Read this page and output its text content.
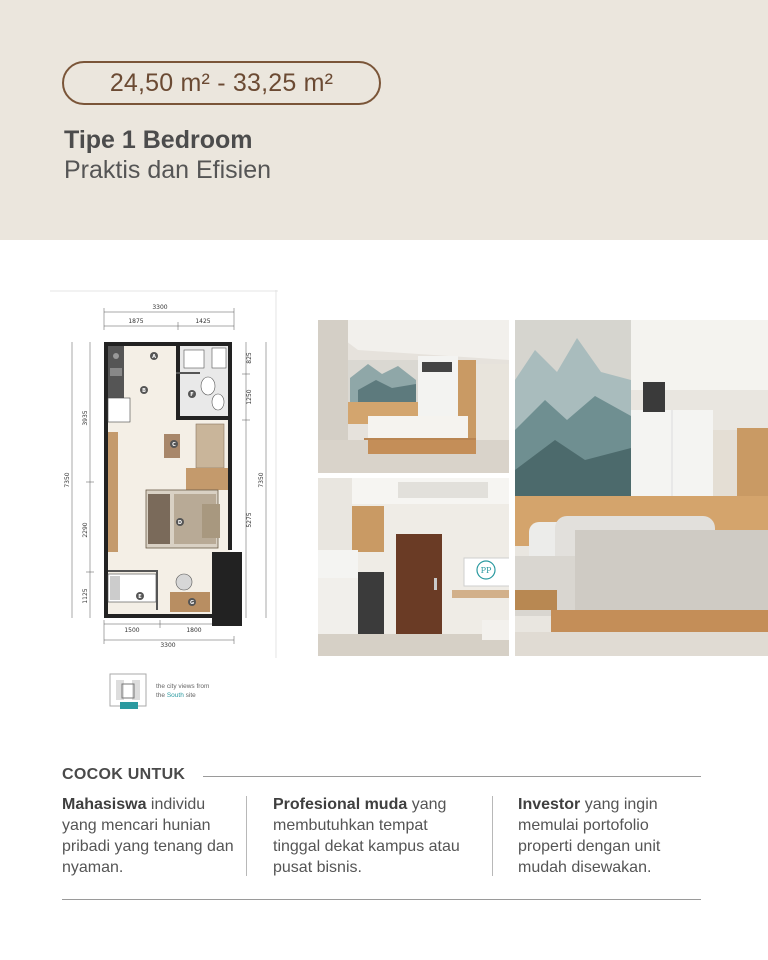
24,50 m² - 33,25 m²
Tipe 1 Bedroom
Praktis dan Efisien
3300
1875	1425
3935
7350
2290
1125
825
1250
7350
5275
A
B
C
D
E
F
G
1500	1800
3300
the city views from
the South site
PP
COCOK UNTUK
Mahasiswa individu yang mencari hunian pribadi yang tenang dan nyaman.
Profesional muda yang membutuhkan tempat tinggal dekat kampus atau pusat bisnis.
Investor yang ingin memulai portofolio properti dengan unit mudah disewakan.
